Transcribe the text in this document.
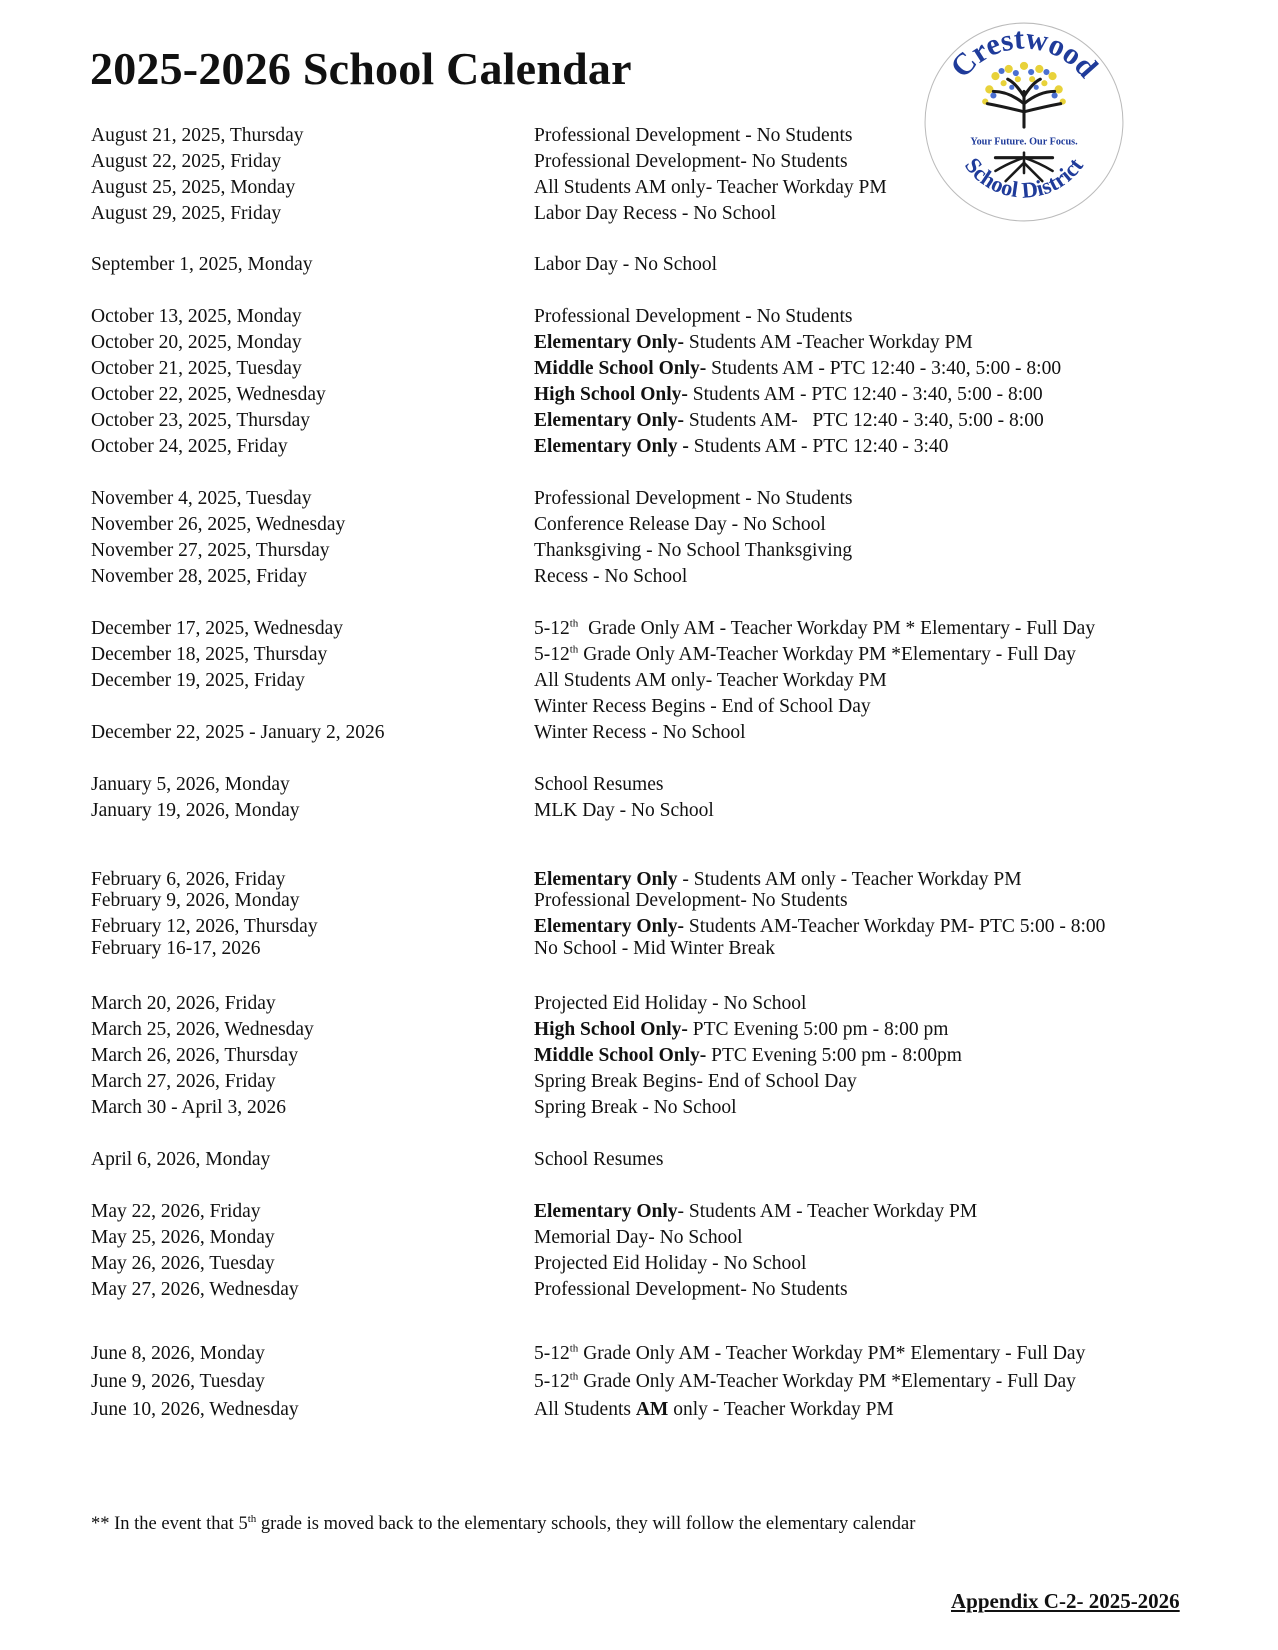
2025-2026 School Calendar	Crestwood
School District
Your Future. Our Focus.
August 21, 2025, Thursday	Professional Development - No Students
August 22, 2025, Friday	Professional Development- No Students
August 25, 2025, Monday	All Students AM only- Teacher Workday PM
August 29, 2025, Friday	Labor Day Recess - No School
September 1, 2025, Monday	Labor Day - No School
October 13, 2025, Monday	Professional Development - No Students
October 20, 2025, Monday	Elementary Only- Students AM -Teacher Workday PM
October 21, 2025, Tuesday	Middle School Only- Students AM - PTC 12:40 - 3:40, 5:00 - 8:00
October 22, 2025, Wednesday	High School Only- Students AM - PTC 12:40 - 3:40, 5:00 - 8:00
October 23, 2025, Thursday	Elementary Only- Students AM-   PTC 12:40 - 3:40, 5:00 - 8:00
October 24, 2025, Friday	Elementary Only - Students AM - PTC 12:40 - 3:40
November 4, 2025, Tuesday	Professional Development - No Students
November 26, 2025, Wednesday	Conference Release Day - No School
November 27, 2025, Thursday	Thanksgiving - No School Thanksgiving
November 28, 2025, Friday	Recess - No School
December 17, 2025, Wednesday	5-12th  Grade Only AM - Teacher Workday PM * Elementary - Full Day
December 18, 2025, Thursday	5-12th Grade Only AM-Teacher Workday PM *Elementary - Full Day
December 19, 2025, Friday	All Students AM only- Teacher Workday PM
Winter Recess Begins - End of School Day
December 22, 2025 - January 2, 2026	Winter Recess - No School
January 5, 2026, Monday	School Resumes
January 19, 2026, Monday	MLK Day - No School
February 6, 2026, Friday	Elementary Only - Students AM only - Teacher Workday PM
February 9, 2026, Monday	Professional Development- No Students
February 12, 2026, Thursday	Elementary Only- Students AM-Teacher Workday PM- PTC 5:00 - 8:00
February 16-17, 2026	No School - Mid Winter Break
March 20, 2026, Friday	Projected Eid Holiday - No School
March 25, 2026, Wednesday	High School Only- PTC Evening 5:00 pm - 8:00 pm
March 26, 2026, Thursday	Middle School Only- PTC Evening 5:00 pm - 8:00pm
March 27, 2026, Friday	Spring Break Begins- End of School Day
March 30 - April 3, 2026	Spring Break - No School
April 6, 2026, Monday	School Resumes
May 22, 2026, Friday	Elementary Only- Students AM - Teacher Workday PM
May 25, 2026, Monday	Memorial Day- No School
May 26, 2026, Tuesday	Projected Eid Holiday - No School
May 27, 2026, Wednesday	Professional Development- No Students
June 8, 2026, Monday	5-12th Grade Only AM - Teacher Workday PM* Elementary - Full Day
June 9, 2026, Tuesday	5-12th Grade Only AM-Teacher Workday PM *Elementary - Full Day
June 10, 2026, Wednesday	All Students AM only - Teacher Workday PM
** In the event that 5th grade is moved back to the elementary schools, they will follow the elementary calendar
Appendix C-2- 2025-2026
